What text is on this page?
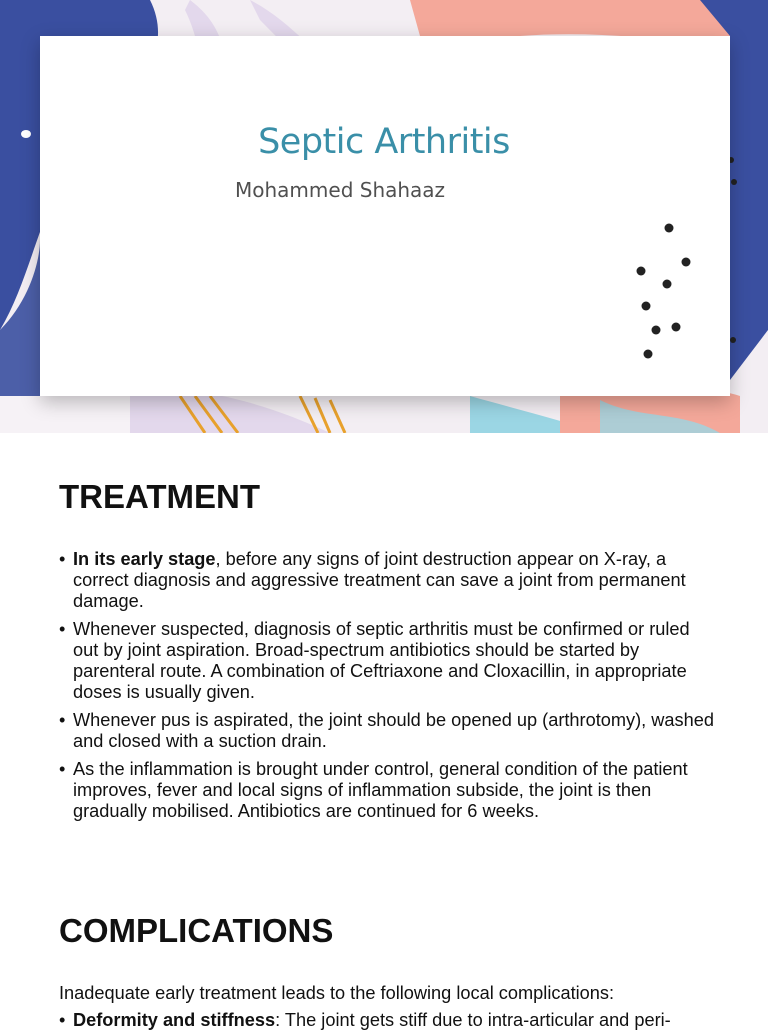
Septic Arthritis

Mohammed Shahaaz

TREATMENT
• In its early stage, before any signs of joint destruction appear on X-ray, a correct diagnosis and aggressive treatment can save a joint from permanent damage.
• Whenever suspected, diagnosis of septic arthritis must be confirmed or ruled out by joint aspiration. Broad-spectrum antibiotics should be started by parenteral route. A combination of Ceftriaxone and Cloxacillin, in appropriate doses is usually given.
• Whenever pus is aspirated, the joint should be opened up (arthrotomy), washed and closed with a suction drain.
• As the inflammation is brought under control, general condition of the patient improves, fever and local signs of inflammation subside, the joint is then gradually mobilised. Antibiotics are continued for 6 weeks.
COMPLICATIONS

Inadequate early treatment leads to the following local complications:

• Deformity and stiffness: The joint gets stiff due to intra-articular and peri-
